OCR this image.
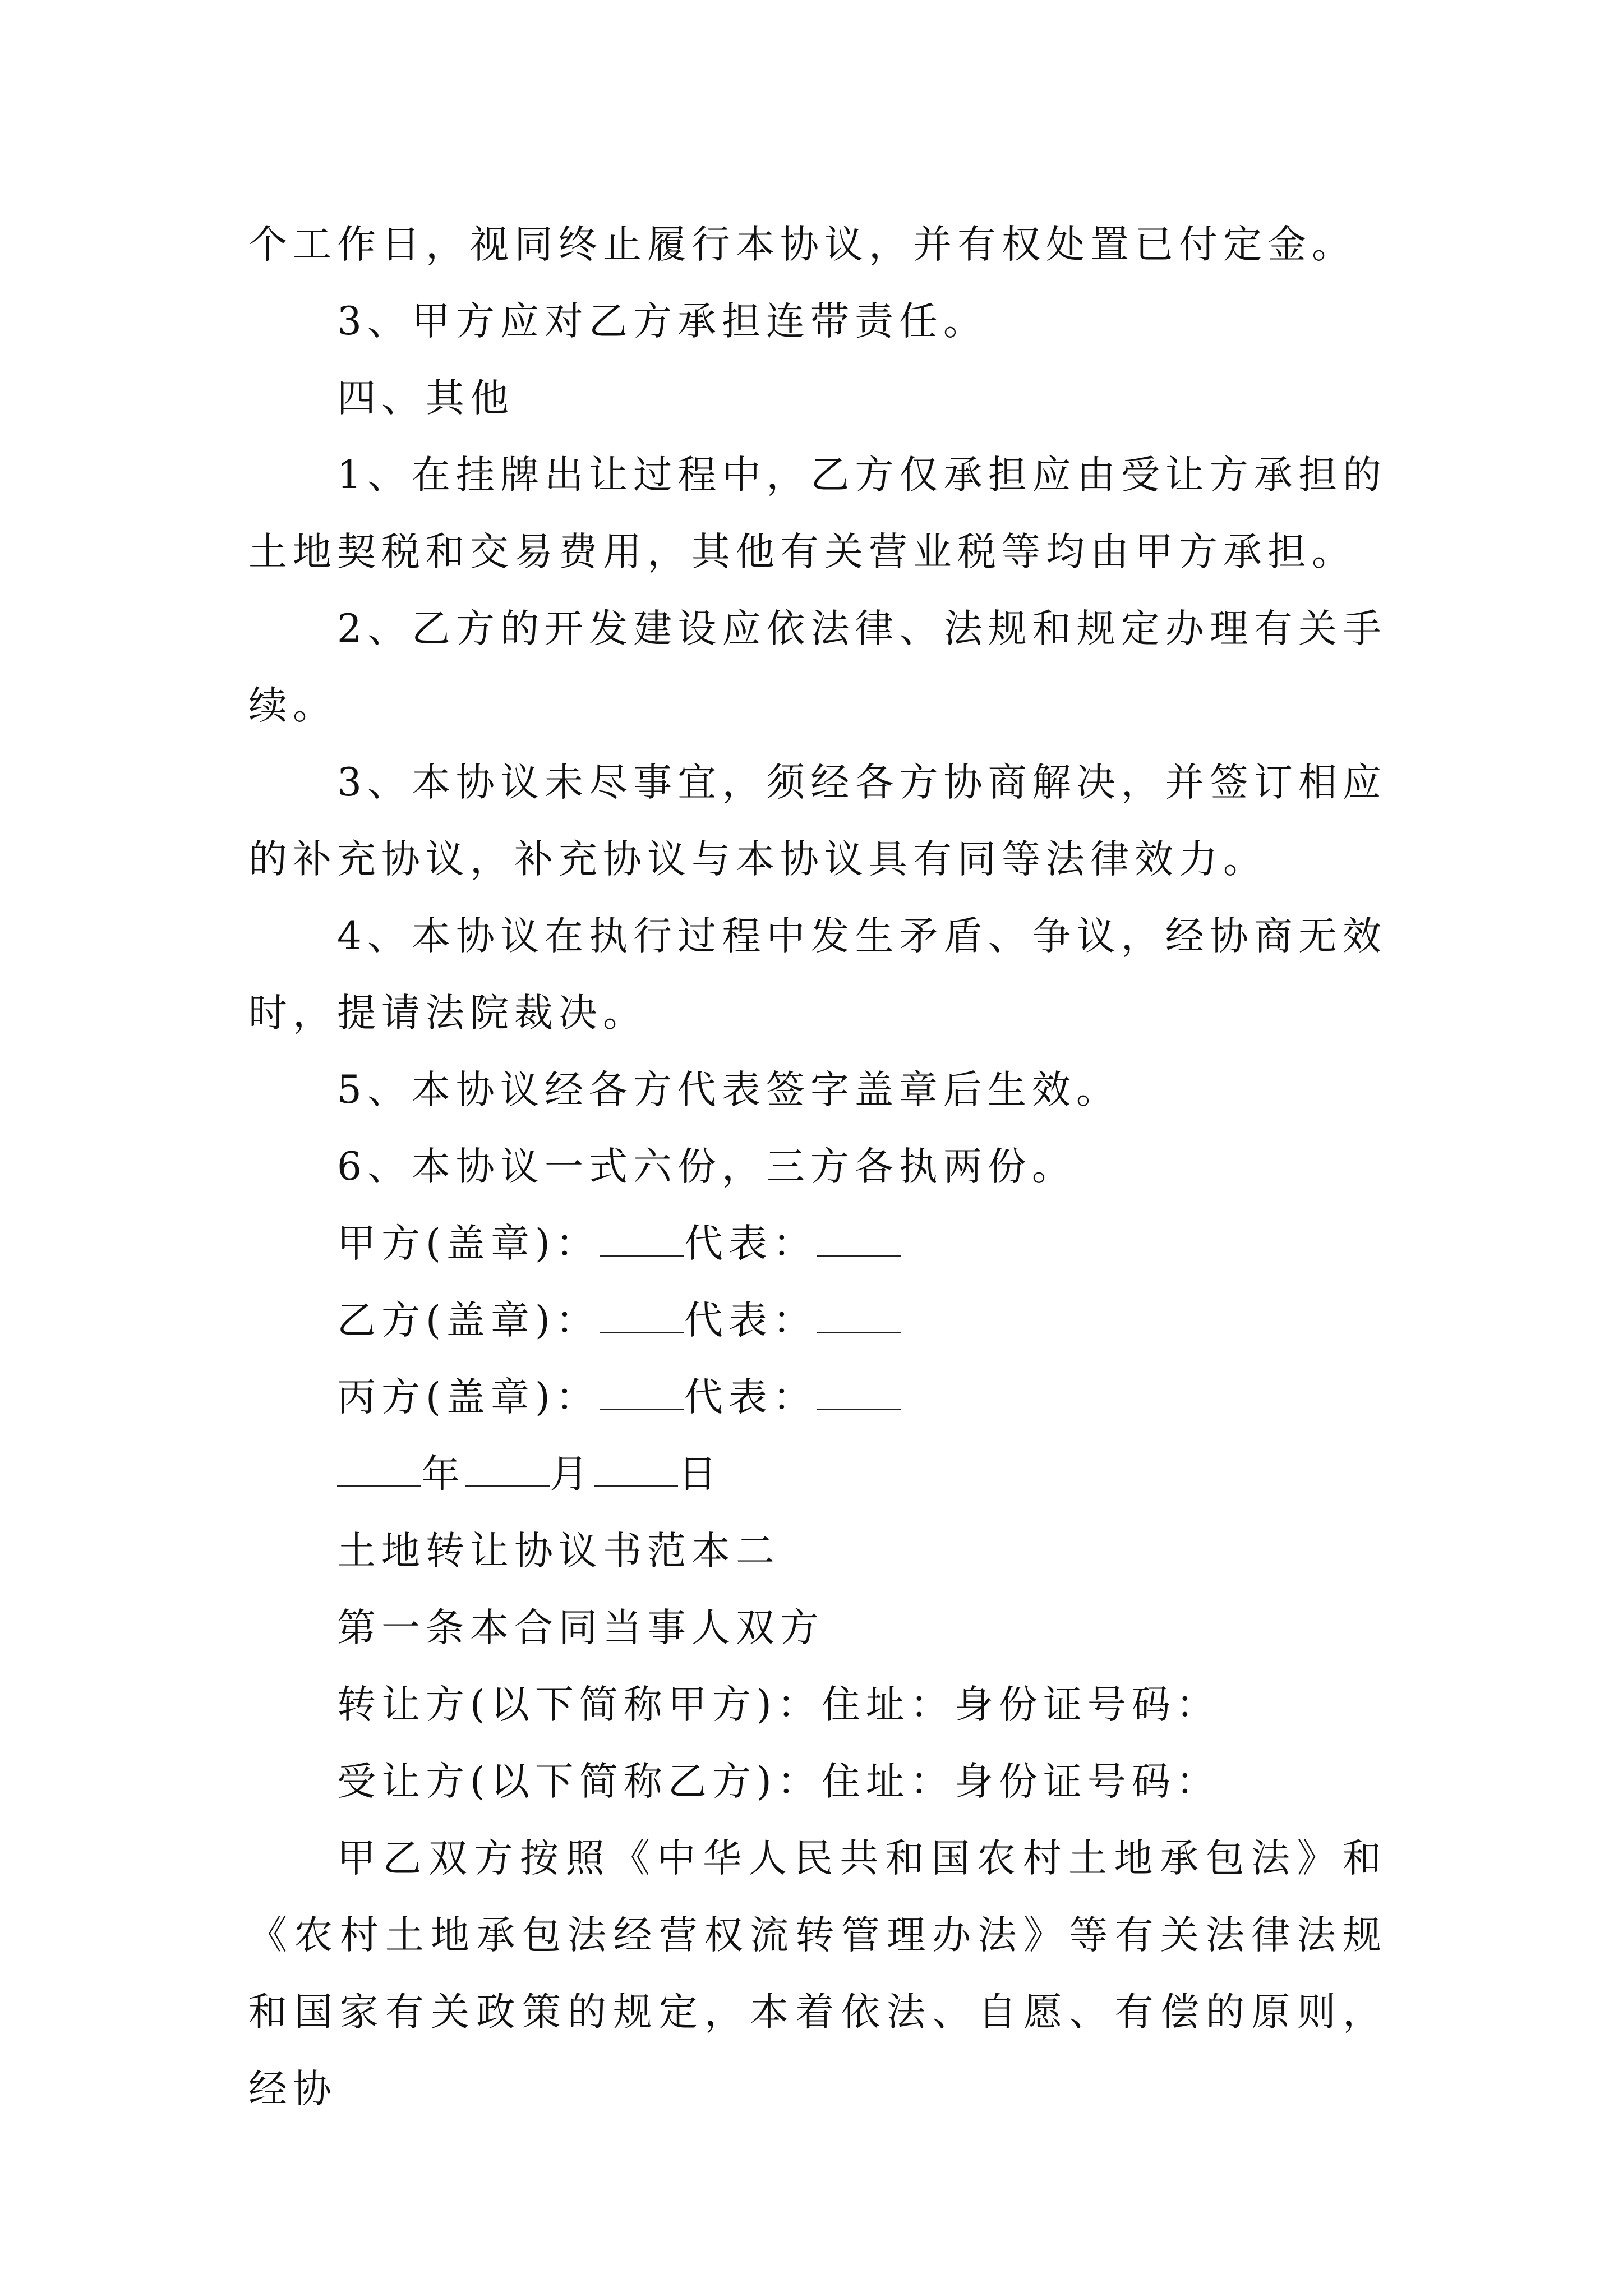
个工作日，视同终止履行本协议，并有权处置已付定金。

3、甲方应对乙方承担连带责任。

四、其他

1、在挂牌出让过程中，乙方仅承担应由受让方承担的土地契税和交易费用，其他有关营业税等均由甲方承担。

2、乙方的开发建设应依法律、法规和规定办理有关手续。

3、本协议未尽事宜，须经各方协商解决，并签订相应的补充协议，补充协议与本协议具有同等法律效力。

4、本协议在执行过程中发生矛盾、争议，经协商无效时，提请法院裁决。

5、本协议经各方代表签字盖章后生效。

6、本协议一式六份，三方各执两份。

甲方(盖章)： 代表：

乙方(盖章)： 代表：

丙方(盖章)： 代表：

年 月 日

土地转让协议书范本二

第一条本合同当事人双方

转让方(以下简称甲方)：住址：身份证号码：

受让方(以下简称乙方)：住址：身份证号码：

甲乙双方按照《中华人民共和国农村土地承包法》和《农村土地承包法经营权流转管理办法》等有关法律法规和国家有关政策的规定，本着依法、自愿、有偿的原则，经协
